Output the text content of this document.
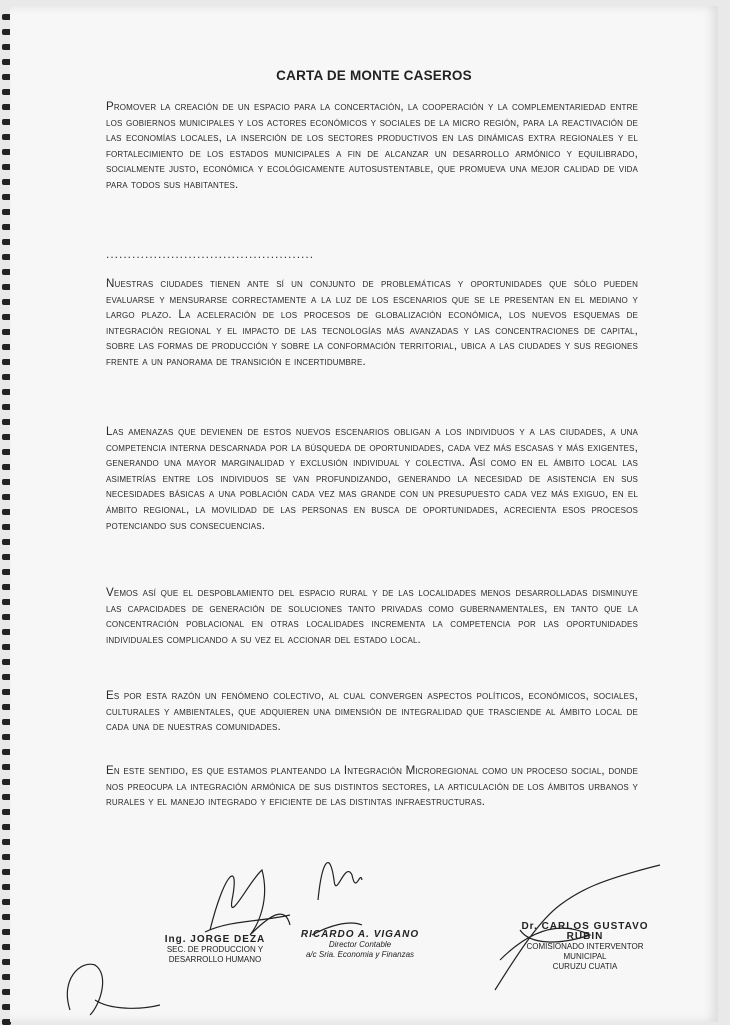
CARTA DE MONTE CASEROS
Promover la creación de un espacio para la concertación, la cooperación y la complementariedad entre los gobiernos municipales y los actores económicos y sociales de la micro región, para la reactivación de las economías locales, la inserción de los sectores productivos en las dinámicas extra regionales y el fortalecimiento de los estados municipales a fin de alcanzar un desarrollo armónico y equilibrado, socialmente justo, económica y ecológicamente autosustentable, que promueva una mejor calidad de vida para todos sus habitantes.
................................................
Nuestras ciudades tienen ante sí un conjunto de problemáticas y oportunidades que sólo pueden evaluarse y mensurarse correctamente a la luz de los escenarios que se le presentan en el mediano y largo plazo. La aceleración de los procesos de globalización económica, los nuevos esquemas de integración regional y el impacto de las tecnologías más avanzadas y las concentraciones de capital, sobre las formas de producción y sobre la conformación territorial, ubica a las ciudades y sus regiones frente a un panorama de transición e incertidumbre.
Las amenazas que devienen de estos nuevos escenarios obligan a los individuos y a las ciudades, a una competencia interna descarnada por la búsqueda de oportunidades, cada vez más escasas y más exigentes, generando una mayor marginalidad y exclusión individual y colectiva. Así como en el ámbito local las asimetrías entre los individuos se van profundizando, generando la necesidad de asistencia en sus necesidades básicas a una población cada vez mas grande con un presupuesto cada vez más exiguo, en el ámbito regional, la movilidad de las personas en busca de oportunidades, acrecienta esos procesos potenciando sus consecuencias.
Vemos así que el despoblamiento del espacio rural y de las localidades menos desarrolladas disminuye las capacidades de generación de soluciones tanto privadas como gubernamentales, en tanto que la concentración poblacional en otras localidades incrementa la competencia por las oportunidades individuales complicando a su vez el accionar del estado local.
Es por esta razón un fenómeno colectivo, al cual convergen aspectos políticos, económicos, sociales, culturales y ambientales, que adquieren una dimensión de integralidad que trasciende al ámbito local de cada una de nuestras comunidades.
En este sentido, es que estamos planteando la Integración Microregional como un proceso social, donde nos preocupa la integración armónica de sus distintos sectores, la articulación de los ámbitos urbanos y rurales y el manejo integrado y eficiente de las distintas infraestructuras.
Ing. JORGE DEZA
SEC. DE PRODUCCION Y
DESARROLLO HUMANO
RICARDO A. VIGANO
Director Contable
a/c Sria. Economia y Finanzas
Dr. CARLOS GUSTAVO RUBIN
COMISIONADO INTERVENTOR
MUNICIPAL
CURUZU CUATIA
